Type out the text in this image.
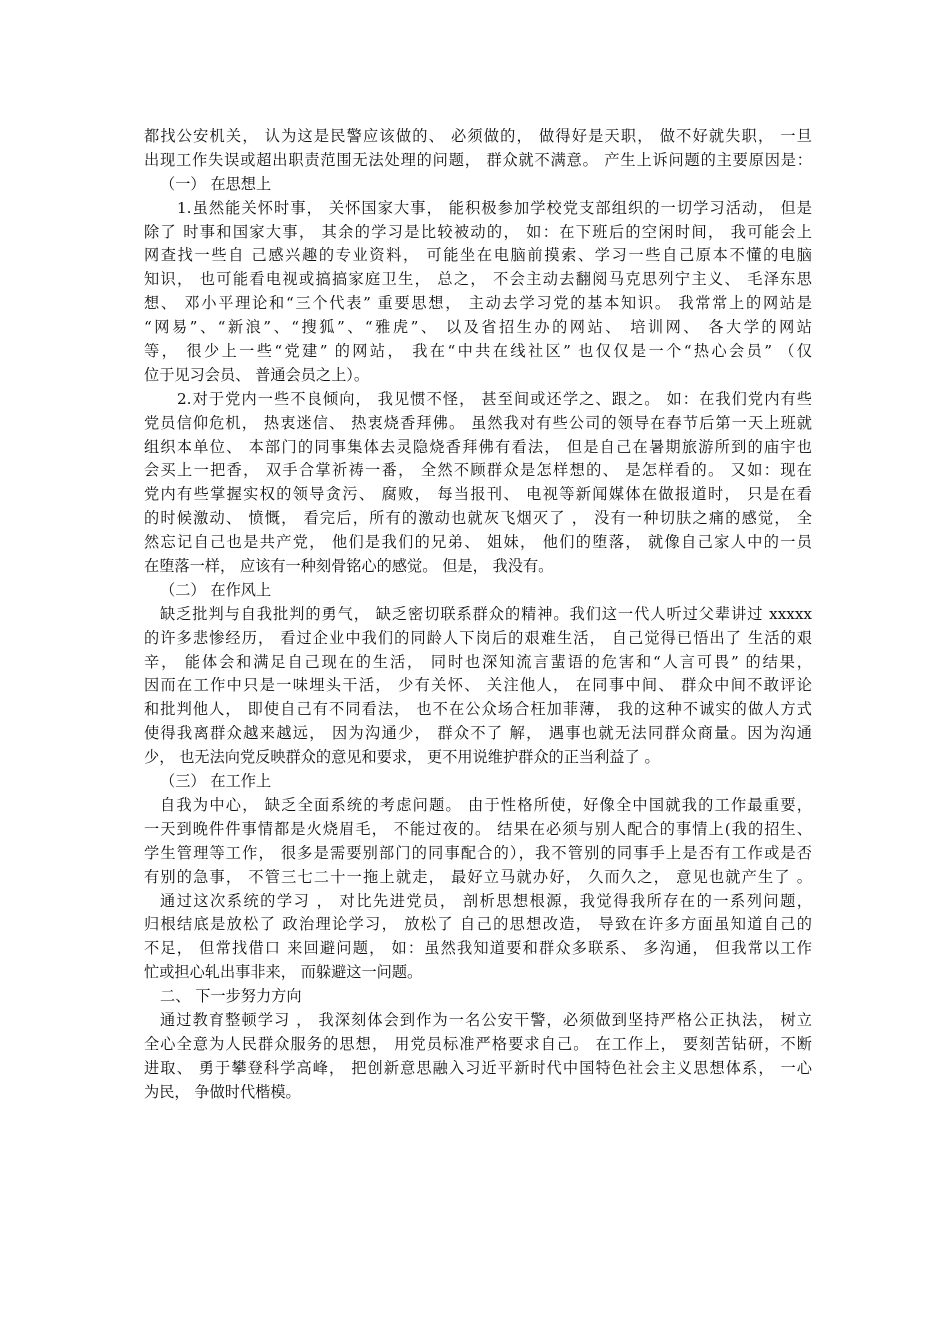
都找公安机关， 认为这是民警应该做的、 必须做的， 做得好是天职， 做不好就失职， 一旦
出现工作失误或超出职责范围无法处理的问题， 群众就不满意。 产生上诉问题的主要原因是：
（一） 在思想上
1.虽然能关怀时事， 关怀国家大事， 能积极参加学校党支部组织的一切学习活动， 但是
除了 时事和国家大事， 其余的学习是比较被动的， 如：在下班后的空闲时间， 我可能会上
网查找一些自 己感兴趣的专业资料， 可能坐在电脑前摸索、学习一些自己原本不懂的电脑
知识， 也可能看电视或搞搞家庭卫生， 总之， 不会主动去翻阅马克思列宁主义、 毛泽东思
想、 邓小平理论和“三个代表” 重要思想， 主动去学习党的基本知识。 我常常上的网站是
“网易”、“新浪”、“搜狐”、“雅虎”、 以及省招生办的网站、 培训网、 各大学的网站
等， 很少上一些“党建” 的网站， 我在“中共在线社区” 也仅仅是一个“热心会员” （仅
位于见习会员、 普通会员之上）。
2.对于党内一些不良倾向， 我见惯不怪， 甚至间或还学之、跟之。 如：在我们党内有些
党员信仰危机， 热衷迷信、 热衷烧香拜佛。 虽然我对有些公司的领导在春节后第一天上班就
组织本单位、 本部门的同事集体去灵隐烧香拜佛有看法， 但是自己在暑期旅游所到的庙宇也
会买上一把香， 双手合掌祈祷一番， 全然不顾群众是怎样想的、 是怎样看的。 又如：现在
党内有些掌握实权的领导贪污、 腐败， 每当报刊、 电视等新闻媒体在做报道时， 只是在看
的时候激动、 愤慨， 看完后，所有的激动也就灰飞烟灭了 ， 没有一种切肤之痛的感觉， 全
然忘记自己也是共产党， 他们是我们的兄弟、 姐妹， 他们的堕落， 就像自己家人中的一员
在堕落一样， 应该有一种刻骨铭心的感觉。 但是， 我没有。
（二） 在作风上
缺乏批判与自我批判的勇气， 缺乏密切联系群众的精神。我们这一代人听过父辈讲过 xxxxx
的许多悲惨经历， 看过企业中我们的同龄人下岗后的艰难生活， 自己觉得已悟出了 生活的艰
辛， 能体会和满足自己现在的生活， 同时也深知流言蜚语的危害和“人言可畏” 的结果，
因而在工作中只是一味埋头干活， 少有关怀、 关注他人， 在同事中间、 群众中间不敢评论
和批判他人， 即使自己有不同看法， 也不在公众场合枉加菲薄， 我的这种不诚实的做人方式
使得我离群众越来越远， 因为沟通少， 群众不了 解， 遇事也就无法同群众商量。因为沟通
少， 也无法向党反映群众的意见和要求， 更不用说维护群众的正当利益了 。
（三） 在工作上
自我为中心， 缺乏全面系统的考虑问题。 由于性格所使，好像全中国就我的工作最重要，
一天到晚件件事情都是火烧眉毛， 不能过夜的。 结果在必须与别人配合的事情上(我的招生、
学生管理等工作， 很多是需要别部门的同事配合的），我不管别的同事手上是否有工作或是否
有别的急事， 不管三七二十一拖上就走， 最好立马就办好， 久而久之， 意见也就产生了 。
通过这次系统的学习 ， 对比先进党员， 剖析思想根源，我觉得我所存在的一系列问题，
归根结底是放松了 政治理论学习， 放松了 自己的思想改造， 导致在许多方面虽知道自己的
不足， 但常找借口 来回避问题， 如：虽然我知道要和群众多联系、 多沟通， 但我常以工作
忙或担心轧出事非来， 而躲避这一问题。
二、 下一步努力方向
通过教育整顿学习 ， 我深刻体会到作为一名公安干警，必须做到坚持严格公正执法， 树立
全心全意为人民群众服务的思想， 用党员标准严格要求自己。 在工作上， 要刻苦钻研，不断
进取、 勇于攀登科学高峰， 把创新意思融入习近平新时代中国特色社会主义思想体系， 一心
为民， 争做时代楷模。
